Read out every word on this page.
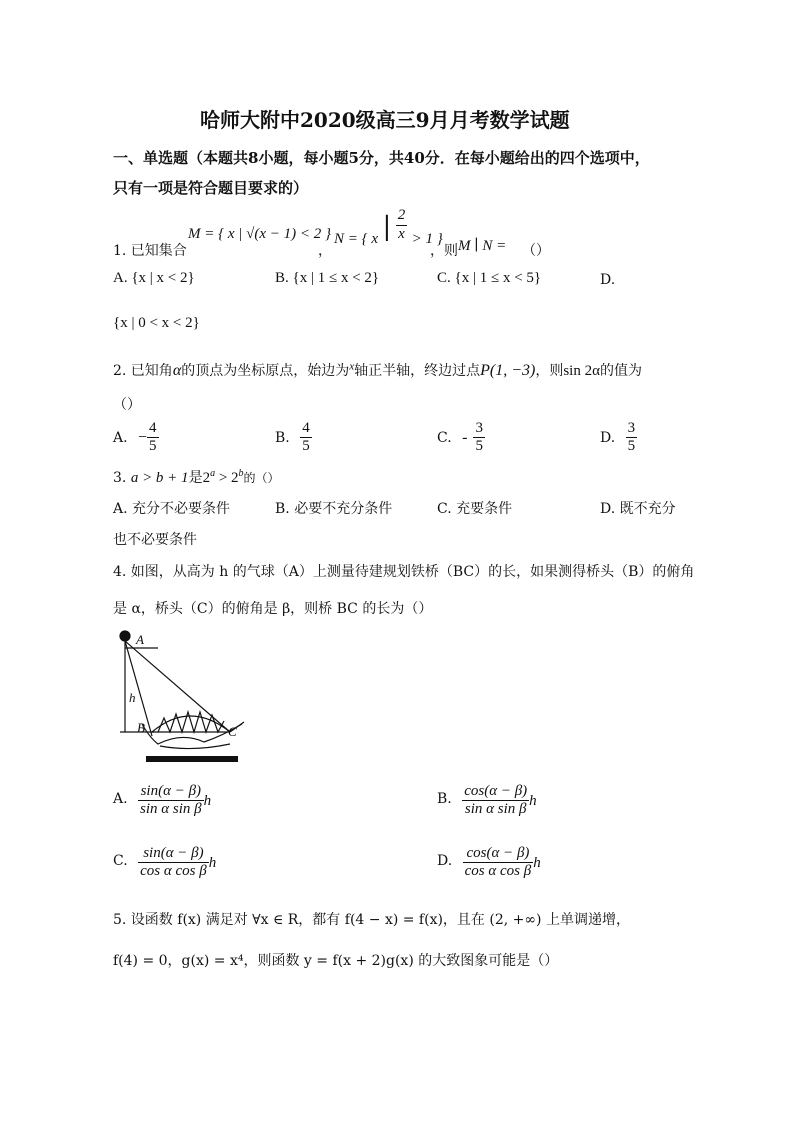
哈师大附中2020级高三9月月考数学试题
一、单选题（本题共8小题，每小题5分，共40分．在每小题给出的四个选项中，
只有一项是符合题目要求的）
1. 已知集合
M = { x | √(x − 1) < 2 }
，
N = { x | $\frac{2}{x} > 1$ }
，则 M ∣ N = （）
A. {x | x < 2}	B. {x | 1 ≤ x < 2}	C. {x | 1 ≤ x < 5}	D.
{x | 0 < x < 2}
2. 已知角α的顶点为坐标原点，始边为$^x$轴正半轴，终边过点P(1, −3)，则sin 2α的值为
（）
A. − $\frac{4}{5}$	B. $\frac{4}{5}$	C. - $\frac{3}{5}$	D. $\frac{3}{5}$
3. a > b + 1是$2^a > 2^b$的（）
A. 充分不必要条件	B. 必要不充分条件	C. 充要条件	D. 既不充分
也不必要条件
4. 如图，从高为 h 的气球（A）上测量待建规划铁桥（BC）的长，如果测得桥头（B）的俯角
是 α，桥头（C）的俯角是 β，则桥 BC 的长为（）
A
h
B	C
A. $\frac{\sin(\alpha - \beta)}{\text{sin α sin β}}$ h	B. $\frac{\cos(\alpha - \beta)}{\text{sin α sin β}}$ h
C. $\frac{\sin(\alpha - \beta)}{\text{cos α cos β}}$ h	D. $\frac{\cos(\alpha - \beta)}{\text{cos α cos β}}$ h
5. 设函数 f(x) 满足对 ∀x ∈ R，都有 f(4 − x) = f(x)，且在 (2, +∞) 上单调递增，
f(4) = 0，g(x) = x⁴，则函数 y = f(x + 2)g(x) 的大致图象可能是（）
